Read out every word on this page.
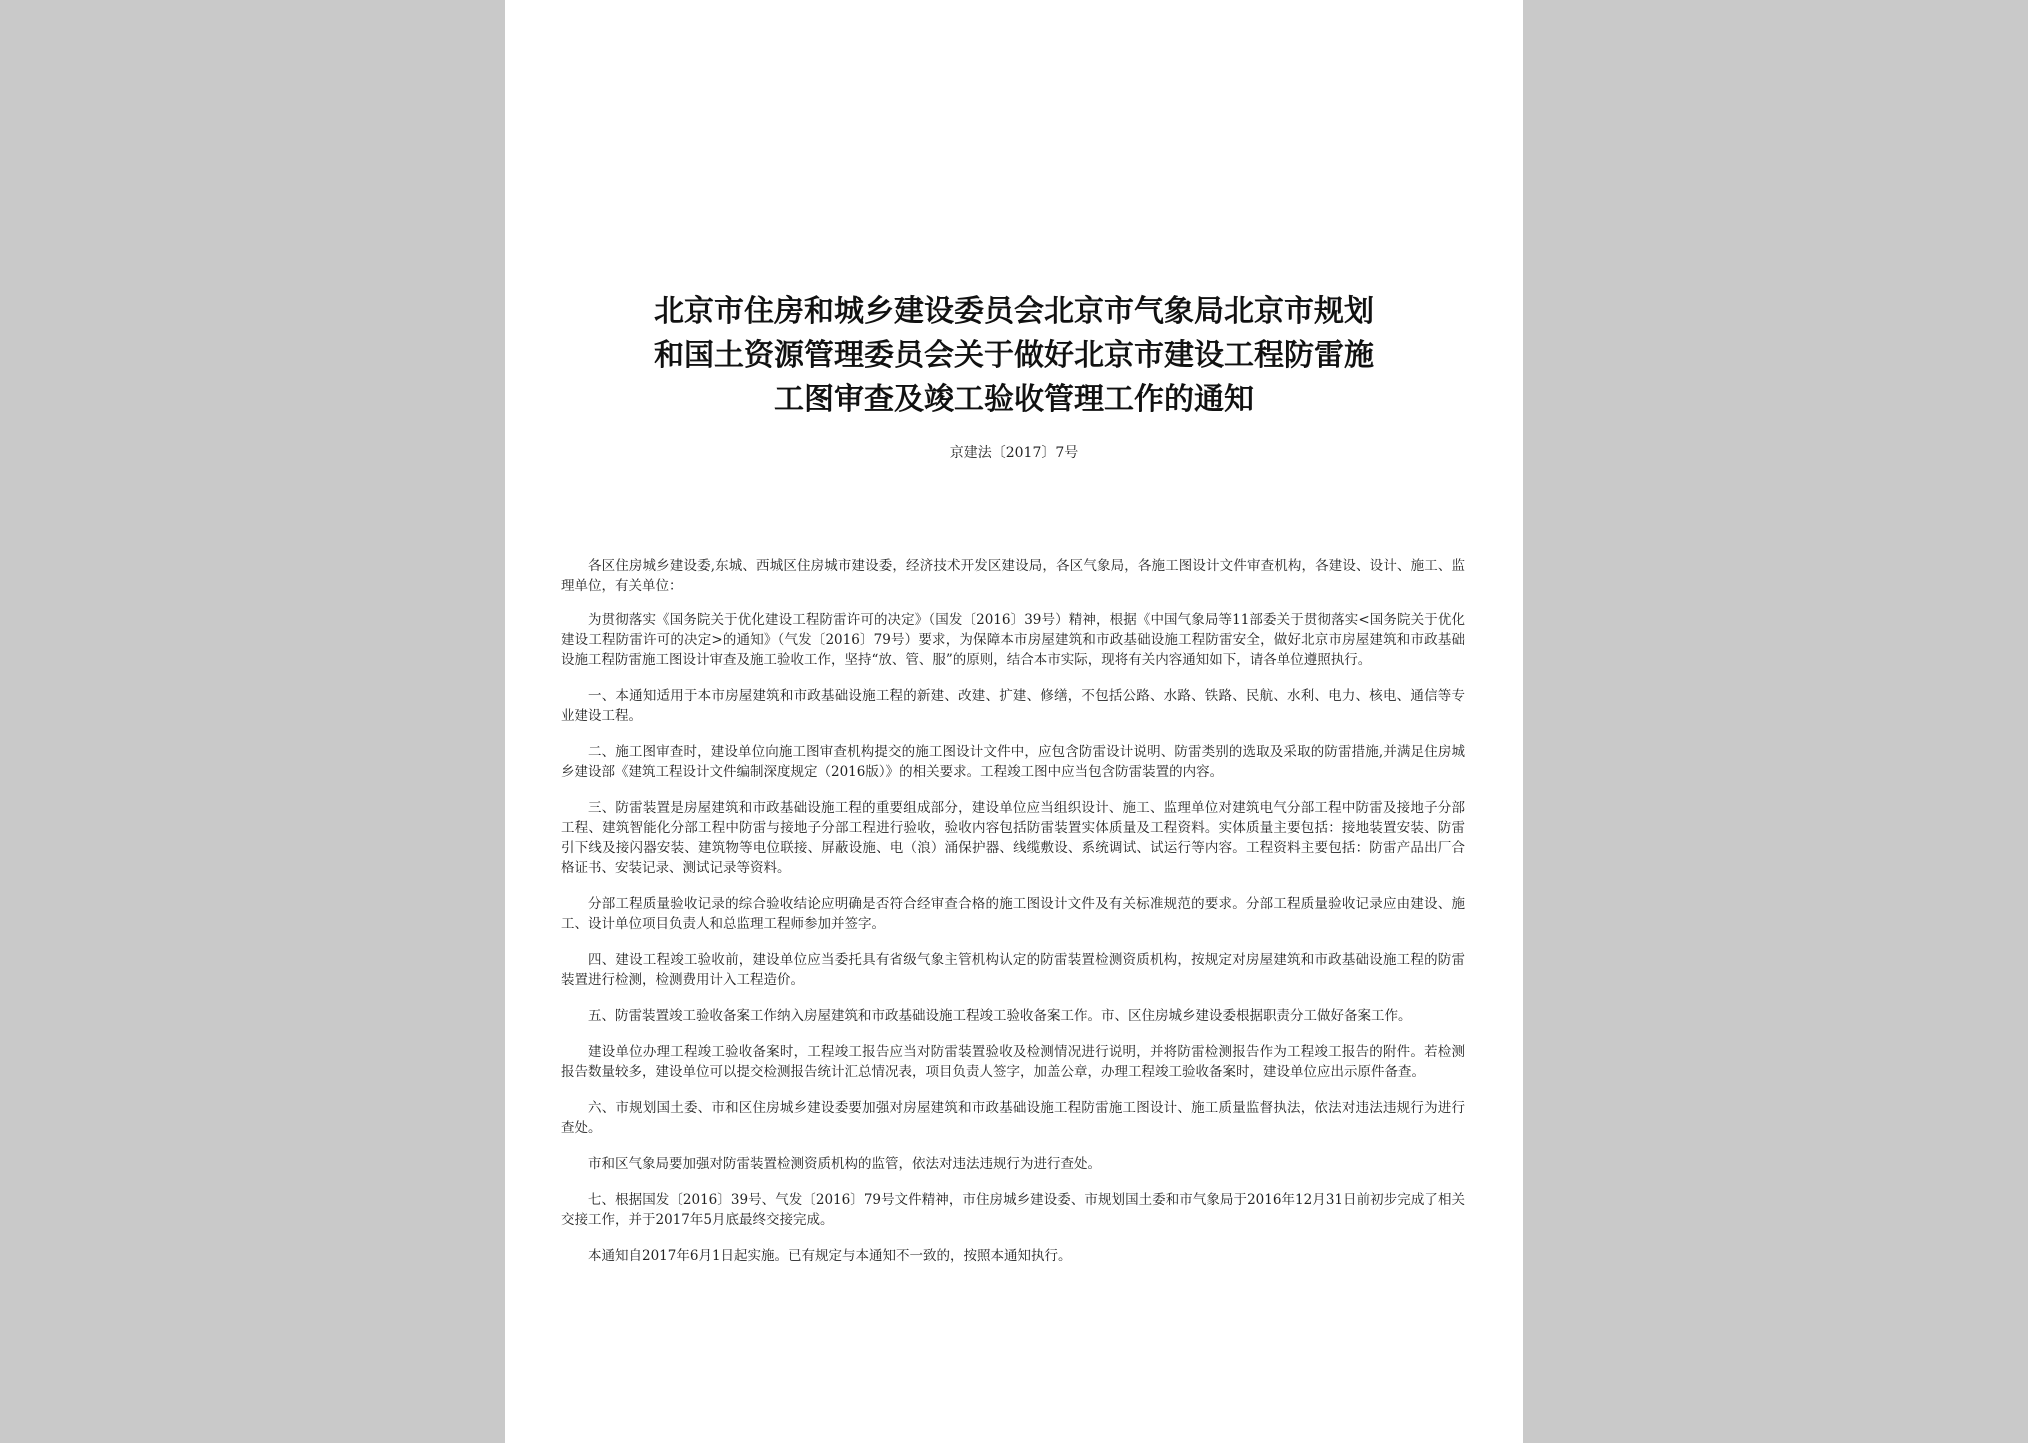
北京市住房和城乡建设委员会北京市气象局北京市规划
和国土资源管理委员会关于做好北京市建设工程防雷施
工图审查及竣工验收管理工作的通知
京建法〔2017〕7号

各区住房城乡建设委,东城、西城区住房城市建设委，经济技术开发区建设局，各区气象局，各施工图设计文件审查机构，各建设、设计、施工、监理单位，有关单位：

为贯彻落实《国务院关于优化建设工程防雷许可的决定》（国发〔2016〕39号）精神，根据《中国气象局等11部委关于贯彻落实<国务院关于优化建设工程防雷许可的决定>的通知》（气发〔2016〕79号）要求，为保障本市房屋建筑和市政基础设施工程防雷安全，做好北京市房屋建筑和市政基础设施工程防雷施工图设计审查及施工验收工作，坚持“放、管、服”的原则，结合本市实际，现将有关内容通知如下，请各单位遵照执行。

一、本通知适用于本市房屋建筑和市政基础设施工程的新建、改建、扩建、修缮，不包括公路、水路、铁路、民航、水利、电力、核电、通信等专业建设工程。

二、施工图审查时，建设单位向施工图审查机构提交的施工图设计文件中，应包含防雷设计说明、防雷类别的选取及采取的防雷措施,并满足住房城乡建设部《建筑工程设计文件编制深度规定（2016版）》的相关要求。工程竣工图中应当包含防雷装置的内容。

三、防雷装置是房屋建筑和市政基础设施工程的重要组成部分，建设单位应当组织设计、施工、监理单位对建筑电气分部工程中防雷及接地子分部工程、建筑智能化分部工程中防雷与接地子分部工程进行验收，验收内容包括防雷装置实体质量及工程资料。实体质量主要包括：接地装置安装、防雷引下线及接闪器安装、建筑物等电位联接、屏蔽设施、电（浪）涌保护器、线缆敷设、系统调试、试运行等内容。工程资料主要包括：防雷产品出厂合格证书、安装记录、测试记录等资料。

分部工程质量验收记录的综合验收结论应明确是否符合经审查合格的施工图设计文件及有关标准规范的要求。分部工程质量验收记录应由建设、施工、设计单位项目负责人和总监理工程师参加并签字。

四、建设工程竣工验收前，建设单位应当委托具有省级气象主管机构认定的防雷装置检测资质机构，按规定对房屋建筑和市政基础设施工程的防雷装置进行检测，检测费用计入工程造价。

五、防雷装置竣工验收备案工作纳入房屋建筑和市政基础设施工程竣工验收备案工作。市、区住房城乡建设委根据职责分工做好备案工作。

建设单位办理工程竣工验收备案时，工程竣工报告应当对防雷装置验收及检测情况进行说明，并将防雷检测报告作为工程竣工报告的附件。若检测报告数量较多，建设单位可以提交检测报告统计汇总情况表，项目负责人签字，加盖公章，办理工程竣工验收备案时，建设单位应出示原件备查。

六、市规划国土委、市和区住房城乡建设委要加强对房屋建筑和市政基础设施工程防雷施工图设计、施工质量监督执法，依法对违法违规行为进行查处。

市和区气象局要加强对防雷装置检测资质机构的监管，依法对违法违规行为进行查处。

七、根据国发〔2016〕39号、气发〔2016〕79号文件精神，市住房城乡建设委、市规划国土委和市气象局于2016年12月31日前初步完成了相关交接工作，并于2017年5月底最终交接完成。

本通知自2017年6月1日起实施。已有规定与本通知不一致的，按照本通知执行。
